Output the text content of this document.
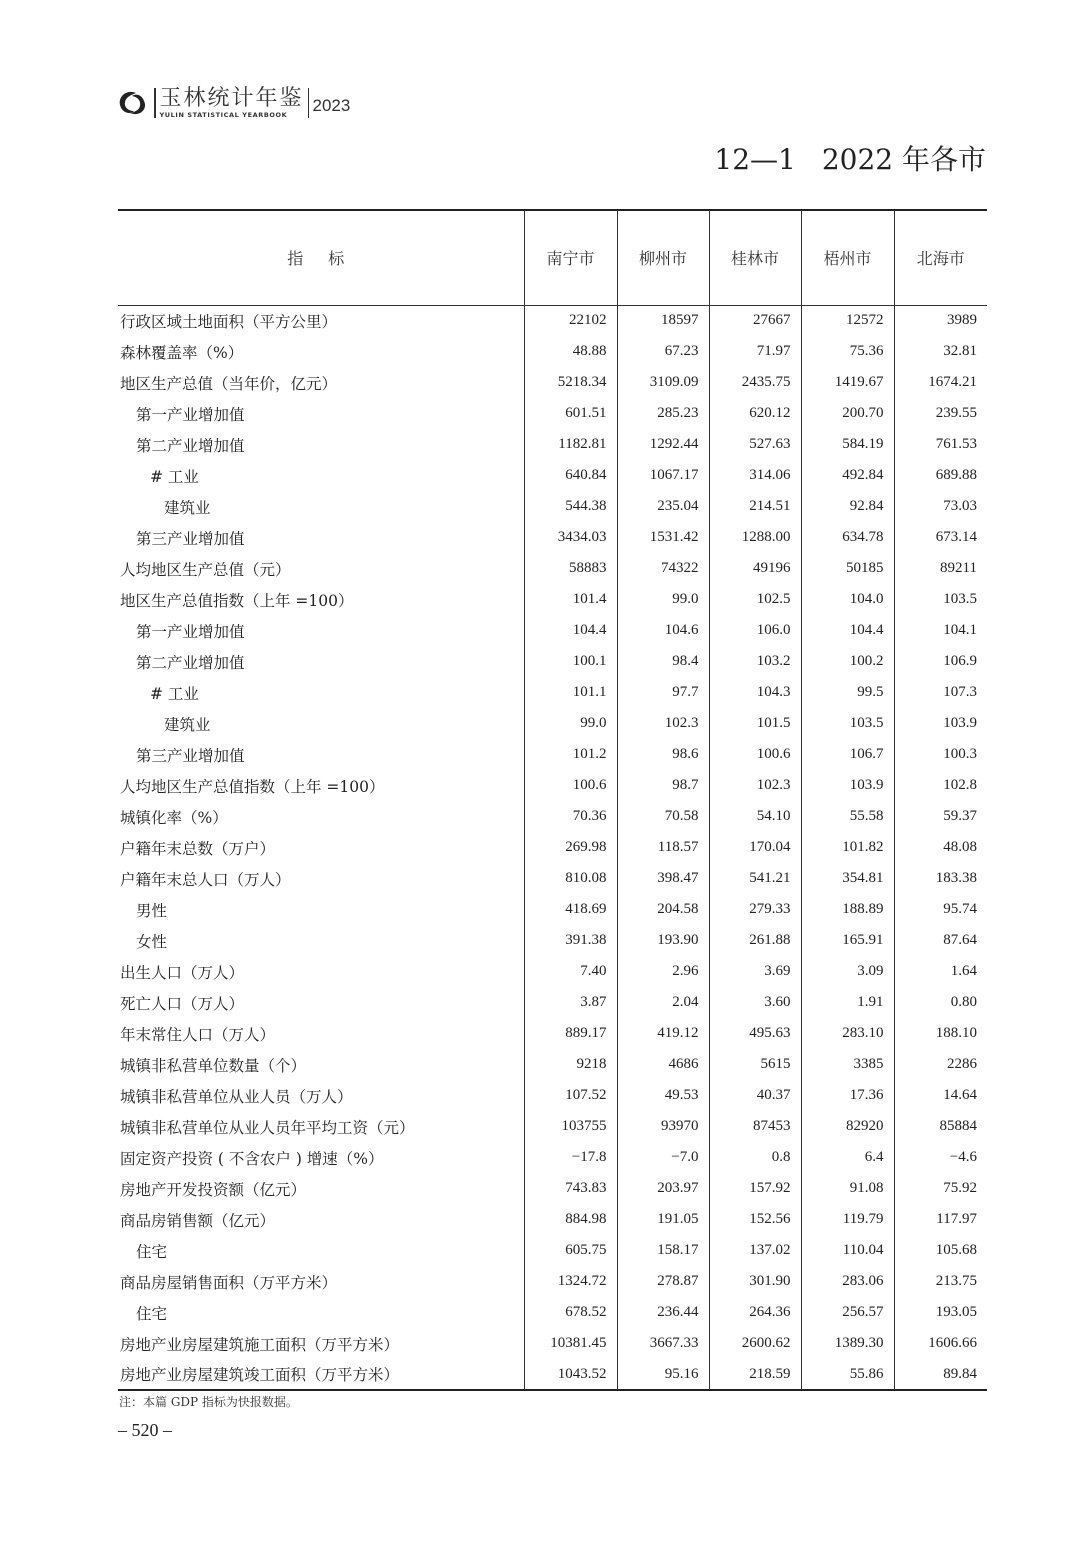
玉林统计年鉴
YULIN STATISTICAL YEARBOOK	2023
12—1 2022 年各市
指 标	南宁市	柳州市	桂林市	梧州市	北海市
行政区域土地面积（平方公里）	22102	18597	27667	12572	3989
森林覆盖率（%）	48.88	67.23	71.97	75.36	32.81
地区生产总值（当年价，亿元）	5218.34	3109.09	2435.75	1419.67	1674.21
第一产业增加值	601.51	285.23	620.12	200.70	239.55
第二产业增加值	1182.81	1292.44	527.63	584.19	761.53
# 工业	640.84	1067.17	314.06	492.84	689.88
建筑业	544.38	235.04	214.51	92.84	73.03
第三产业增加值	3434.03	1531.42	1288.00	634.78	673.14
人均地区生产总值（元）	58883	74322	49196	50185	89211
地区生产总值指数（上年 =100）	101.4	99.0	102.5	104.0	103.5
第一产业增加值	104.4	104.6	106.0	104.4	104.1
第二产业增加值	100.1	98.4	103.2	100.2	106.9
# 工业	101.1	97.7	104.3	99.5	107.3
建筑业	99.0	102.3	101.5	103.5	103.9
第三产业增加值	101.2	98.6	100.6	106.7	100.3
人均地区生产总值指数（上年 =100）	100.6	98.7	102.3	103.9	102.8
城镇化率（%）	70.36	70.58	54.10	55.58	59.37
户籍年末总数（万户）	269.98	118.57	170.04	101.82	48.08
户籍年末总人口（万人）	810.08	398.47	541.21	354.81	183.38
男性	418.69	204.58	279.33	188.89	95.74
女性	391.38	193.90	261.88	165.91	87.64
出生人口（万人）	7.40	2.96	3.69	3.09	1.64
死亡人口（万人）	3.87	2.04	3.60	1.91	0.80
年末常住人口（万人）	889.17	419.12	495.63	283.10	188.10
城镇非私营单位数量（个）	9218	4686	5615	3385	2286
城镇非私营单位从业人员（万人）	107.52	49.53	40.37	17.36	14.64
城镇非私营单位从业人员年平均工资（元）	103755	93970	87453	82920	85884
固定资产投资 ( 不含农户 ) 增速（%）	−17.8	−7.0	0.8	6.4	−4.6
房地产开发投资额（亿元）	743.83	203.97	157.92	91.08	75.92
商品房销售额（亿元）	884.98	191.05	152.56	119.79	117.97
住宅	605.75	158.17	137.02	110.04	105.68
商品房屋销售面积（万平方米）	1324.72	278.87	301.90	283.06	213.75
住宅	678.52	236.44	264.36	256.57	193.05
房地产业房屋建筑施工面积（万平方米）	10381.45	3667.33	2600.62	1389.30	1606.66
房地产业房屋建筑竣工面积（万平方米）	1043.52	95.16	218.59	55.86	89.84
注：本篇 GDP 指标为快报数据。
– 520 –
